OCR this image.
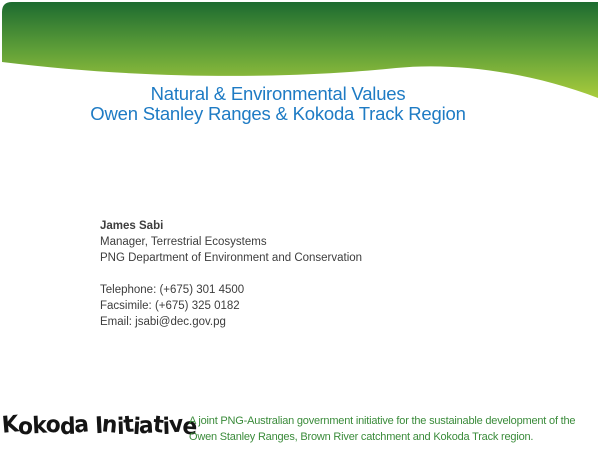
Natural & Environmental Values
Owen Stanley Ranges & Kokoda Track Region
James Sabi
Manager, Terrestrial Ecosystems
PNG Department of Environment and Conservation
Telephone: (+675) 301 4500
Facsimile: (+675) 325 0182
Email: jsabi@dec.gov.pg
K
o
k
o
d
a
I
n
i
t
i
a
t
i
v
e
A joint PNG-Australian government initiative for the sustainable development of the Owen Stanley Ranges, Brown River catchment and Kokoda Track region.
